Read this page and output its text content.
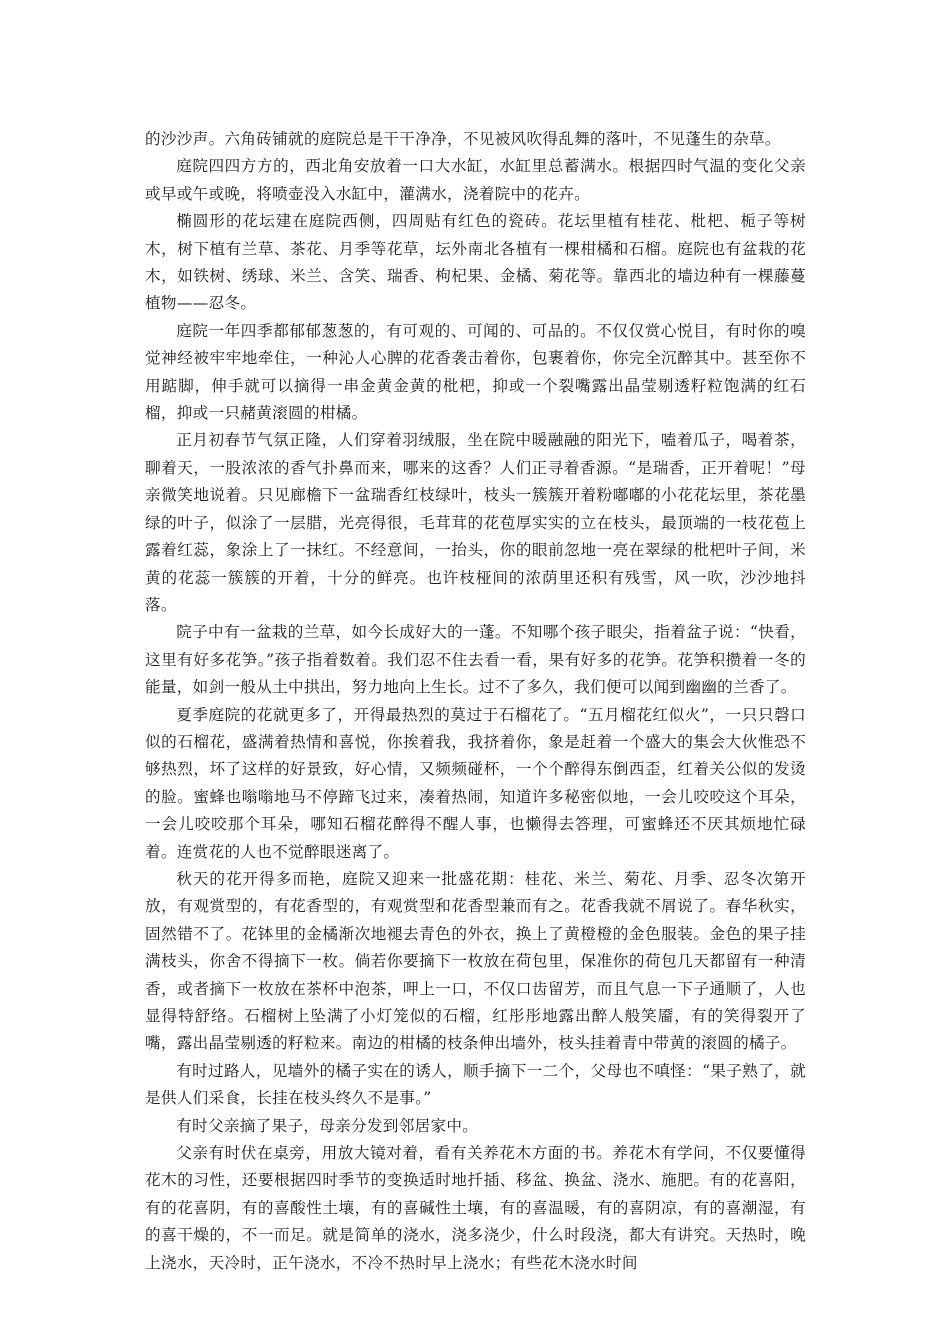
的沙沙声。六角砖铺就的庭院总是干干净净，不见被风吹得乱舞的落叶，不见蓬生的杂草。

庭院四四方方的，西北角安放着一口大水缸，水缸里总蓄满水。根据四时气温的变化父亲或早或午或晚，将喷壶没入水缸中，灌满水，浇着院中的花卉。

椭圆形的花坛建在庭院西侧，四周贴有红色的瓷砖。花坛里植有桂花、枇杷、栀子等树木，树下植有兰草、茶花、月季等花草，坛外南北各植有一棵柑橘和石榴。庭院也有盆栽的花木，如铁树、绣球、米兰、含笑、瑞香、枸杞果、金橘、菊花等。靠西北的墙边种有一棵藤蔓植物——忍冬。

庭院一年四季都郁郁葱葱的，有可观的、可闻的、可品的。不仅仅赏心悦目，有时你的嗅觉神经被牢牢地牵住，一种沁人心脾的花香袭击着你，包裹着你，你完全沉醉其中。甚至你不用踮脚，伸手就可以摘得一串金黄金黄的枇杷，抑或一个裂嘴露出晶莹剔透籽粒饱满的红石榴，抑或一只赭黄滚圆的柑橘。

正月初春节气氛正隆，人们穿着羽绒服，坐在院中暖融融的阳光下，嗑着瓜子，喝着茶，聊着天，一股浓浓的香气扑鼻而来，哪来的这香？人们正寻着香源。“是瑞香，正开着呢！”母亲微笑地说着。只见廊檐下一盆瑞香红枝绿叶，枝头一簇簇开着粉嘟嘟的小花花坛里，茶花墨绿的叶子，似涂了一层腊，光亮得很，毛茸茸的花苞厚实实的立在枝头，最顶端的一枝花苞上露着红蕊，象涂上了一抹红。不经意间，一抬头，你的眼前忽地一亮在翠绿的枇杷叶子间，米黄的花蕊一簇簇的开着，十分的鲜亮。也许枝桠间的浓荫里还积有残雪，风一吹，沙沙地抖落。

院子中有一盆栽的兰草，如今长成好大的一蓬。不知哪个孩子眼尖，指着盆子说：“快看，这里有好多花笋。”孩子指着数着。我们忍不住去看一看，果有好多的花笋。花笋积攒着一冬的能量，如剑一般从土中拱出，努力地向上生长。过不了多久，我们便可以闻到幽幽的兰香了。

夏季庭院的花就更多了，开得最热烈的莫过于石榴花了。“五月榴花红似火”，一只只磬口似的石榴花，盛满着热情和喜悦，你挨着我，我挤着你，象是赶着一个盛大的集会大伙惟恐不够热烈，坏了这样的好景致，好心情，又频频碰杯，一个个醉得东倒西歪，红着关公似的发烫的脸。蜜蜂也嗡嗡地马不停蹄飞过来，凑着热闹，知道许多秘密似地，一会儿咬咬这个耳朵，一会儿咬咬那个耳朵，哪知石榴花醉得不醒人事，也懒得去答理，可蜜蜂还不厌其烦地忙碌着。连赏花的人也不觉醉眼迷离了。

秋天的花开得多而艳，庭院又迎来一批盛花期：桂花、米兰、菊花、月季、忍冬次第开放，有观赏型的，有花香型的，有观赏型和花香型兼而有之。花香我就不屑说了。春华秋实，固然错不了。花钵里的金橘渐次地褪去青色的外衣，换上了黄橙橙的金色服装。金色的果子挂满枝头，你舍不得摘下一枚。倘若你要摘下一枚放在荷包里，保准你的荷包几天都留有一种清香，或者摘下一枚放在茶杯中泡茶，呷上一口，不仅口齿留芳，而且气息一下子通顺了，人也显得特舒络。石榴树上坠满了小灯笼似的石榴，红彤彤地露出醉人般笑靥，有的笑得裂开了嘴，露出晶莹剔透的籽粒来。南边的柑橘的枝条伸出墙外，枝头挂着青中带黄的滚圆的橘子。

有时过路人，见墙外的橘子实在的诱人，顺手摘下一二个，父母也不嗔怪：“果子熟了，就是供人们采食，长挂在枝头终久不是事。”

有时父亲摘了果子，母亲分发到邻居家中。

父亲有时伏在桌旁，用放大镜对着，看有关养花木方面的书。养花木有学问，不仅要懂得花木的习性，还要根据四时季节的变换适时地扦插、移盆、换盆、浇水、施肥。有的花喜阳，有的花喜阴，有的喜酸性土壤，有的喜碱性土壤，有的喜温暖，有的喜阴凉，有的喜潮湿，有的喜干燥的，不一而足。就是简单的浇水，浇多浇少，什么时段浇，都大有讲究。天热时，晚上浇水，天冷时，正午浇水，不冷不热时早上浇水；有些花木浇水时间
